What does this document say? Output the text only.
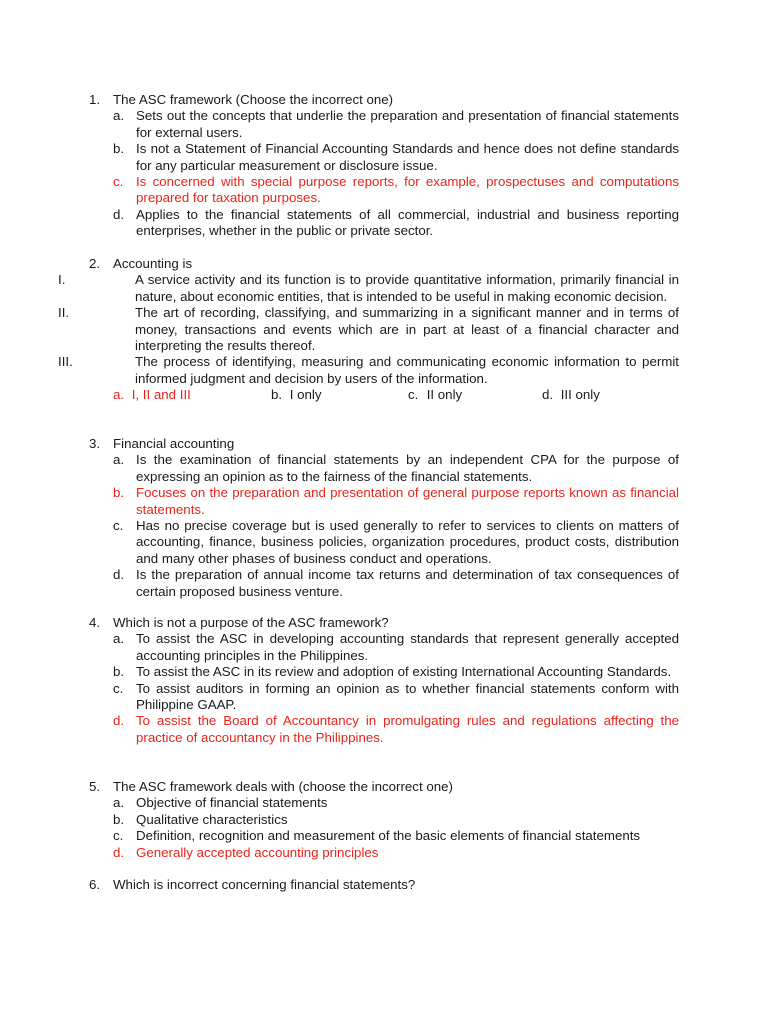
1. The ASC framework (Choose the incorrect one)
a. Sets out the concepts that underlie the preparation and presentation of financial statements for external users.
b. Is not a Statement of Financial Accounting Standards and hence does not define standards for any particular measurement or disclosure issue.
c. Is concerned with special purpose reports, for example, prospectuses and computations prepared for taxation purposes.
d. Applies to the financial statements of all commercial, industrial and business reporting enterprises, whether in the public or private sector.
2. Accounting is
I.	A service activity and its function is to provide quantitative information, primarily financial in nature, about economic entities, that is intended to be useful in making economic decision.
II.	The art of recording, classifying, and summarizing in a significant manner and in terms of money, transactions and events which are in part at least of a financial character and interpreting the results thereof.
III.	The process of identifying, measuring and communicating economic information to permit informed judgment and decision by users of the information.
a. I, II and III	b. I only	c. II only	d. III only
3. Financial accounting
a. Is the examination of financial statements by an independent CPA for the purpose of expressing an opinion as to the fairness of the financial statements.
b. Focuses on the preparation and presentation of general purpose reports known as financial statements.
c. Has no precise coverage but is used generally to refer to services to clients on matters of accounting, finance, business policies, organization procedures, product costs, distribution and many other phases of business conduct and operations.
d. Is the preparation of annual income tax returns and determination of tax consequences of certain proposed business venture.
4. Which is not a purpose of the ASC framework?
a. To assist the ASC in developing accounting standards that represent generally accepted accounting principles in the Philippines.
b. To assist the ASC in its review and adoption of existing International Accounting Standards.
c. To assist auditors in forming an opinion as to whether financial statements conform with Philippine GAAP.
d. To assist the Board of Accountancy in promulgating rules and regulations affecting the practice of accountancy in the Philippines.
5. The ASC framework deals with (choose the incorrect one)
a. Objective of financial statements
b. Qualitative characteristics
c. Definition, recognition and measurement of the basic elements of financial statements
d. Generally accepted accounting principles
6. Which is incorrect concerning financial statements?
